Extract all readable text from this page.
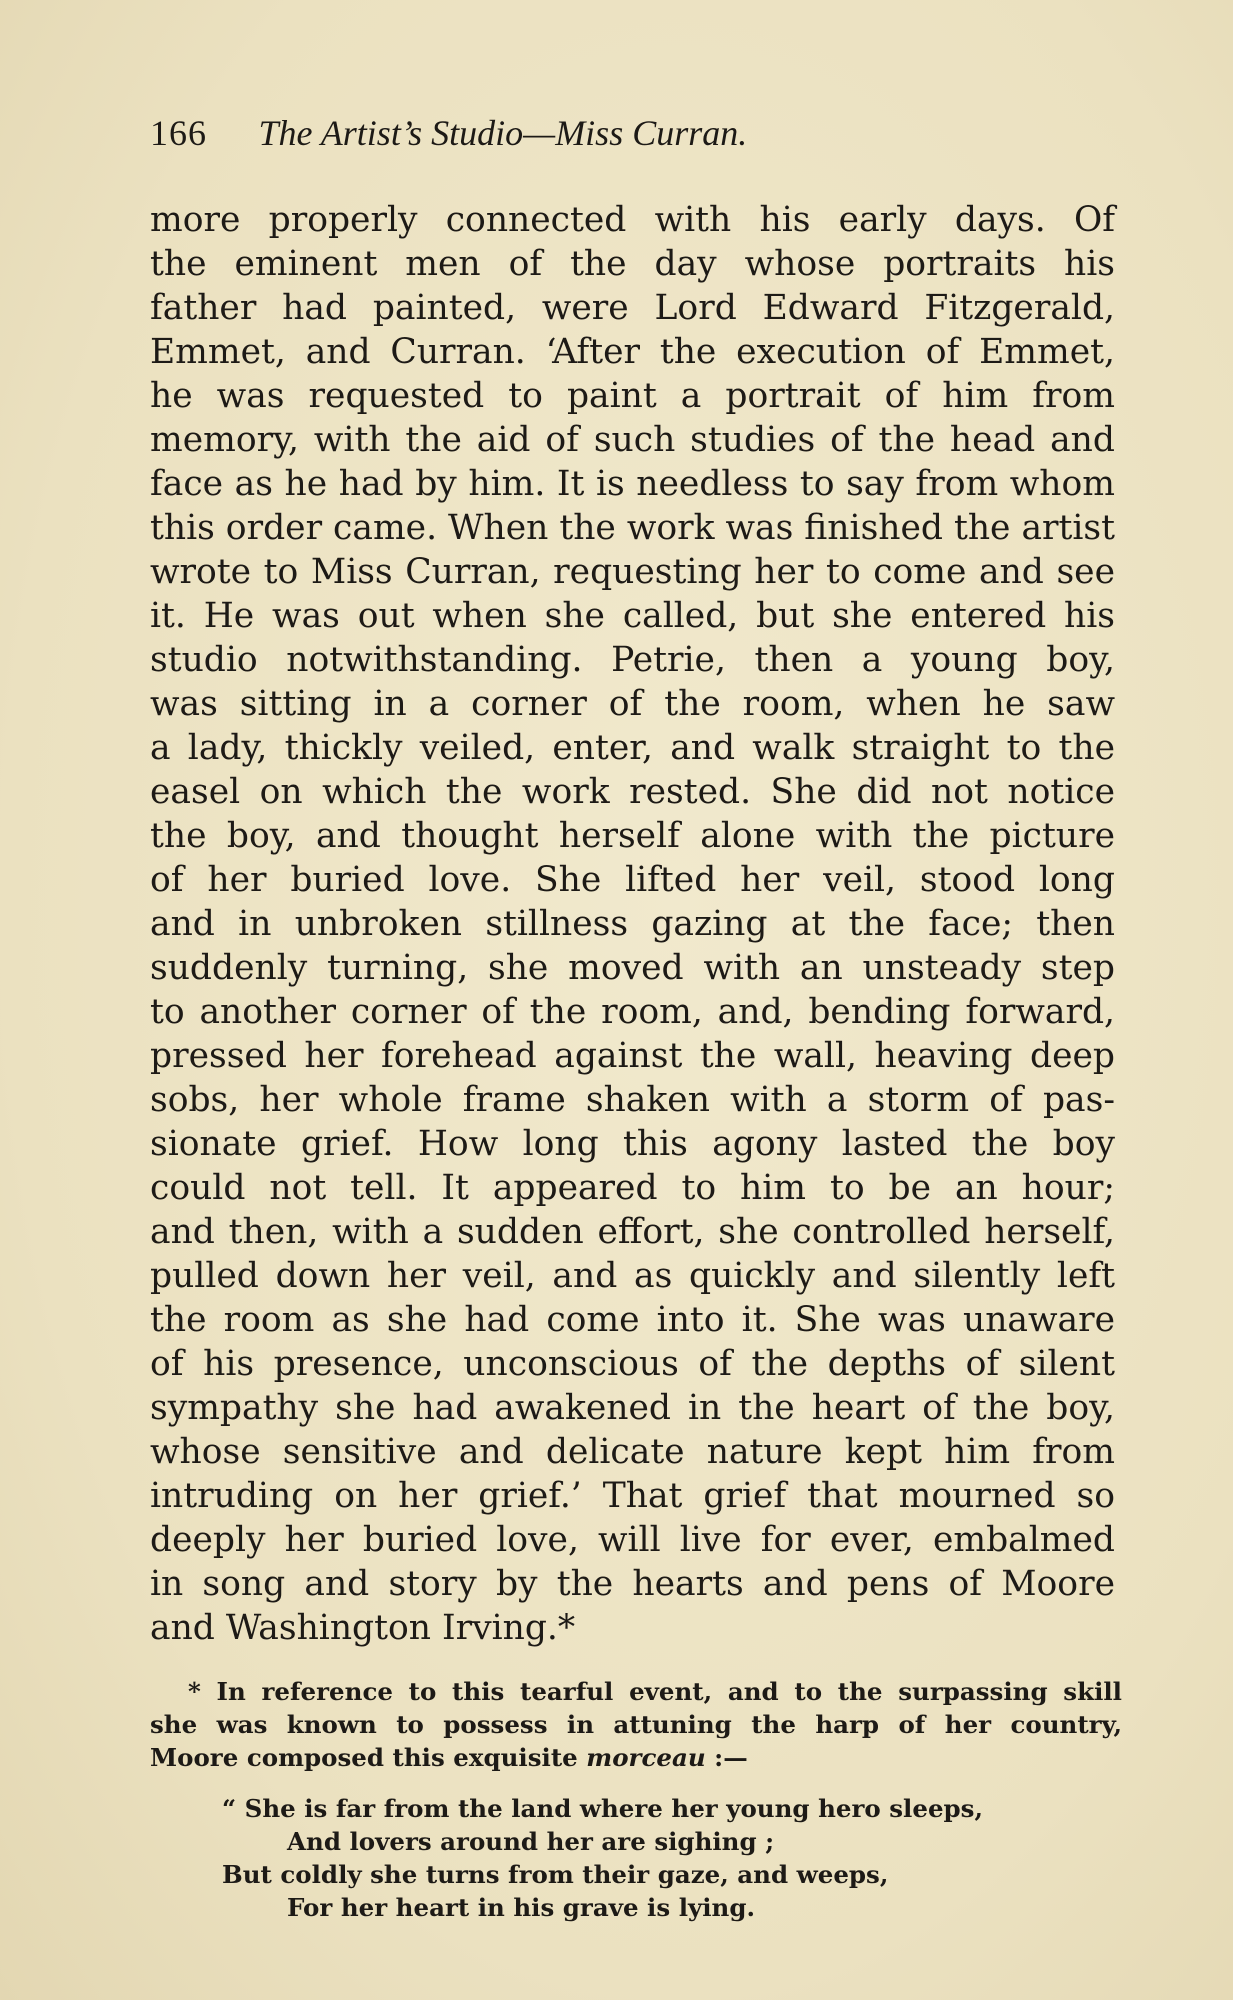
166 The Artist’s Studio—Miss Curran.
more properly connected with his early days. Of
the eminent men of the day whose portraits his
father had painted, were Lord Edward Fitzgerald,
Emmet, and Curran. ‘After the execution of Emmet,
he was requested to paint a portrait of him from
memory, with the aid of such studies of the head and
face as he had by him. It is needless to say from whom
this order came. When the work was finished the artist
wrote to Miss Curran, requesting her to come and see
it. He was out when she called, but she entered his
studio notwithstanding. Petrie, then a young boy,
was sitting in a corner of the room, when he saw
a lady, thickly veiled, enter, and walk straight to the
easel on which the work rested. She did not notice
the boy, and thought herself alone with the picture
of her buried love. She lifted her veil, stood long
and in unbroken stillness gazing at the face; then
suddenly turning, she moved with an unsteady step
to another corner of the room, and, bending forward,
pressed her forehead against the wall, heaving deep
sobs, her whole frame shaken with a storm of pas-
sionate grief. How long this agony lasted the boy
could not tell. It appeared to him to be an hour;
and then, with a sudden effort, she controlled herself,
pulled down her veil, and as quickly and silently left
the room as she had come into it. She was unaware
of his presence, unconscious of the depths of silent
sympathy she had awakened in the heart of the boy,
whose sensitive and delicate nature kept him from
intruding on her grief.’ That grief that mourned so
deeply her buried love, will live for ever, embalmed
in song and story by the hearts and pens of Moore
and Washington Irving.*
* In reference to this tearful event, and to the surpassing skill
she was known to possess in attuning the harp of her country,
Moore composed this exquisite morceau :—
“ She is far from the land where her young hero sleeps,
And lovers around her are sighing ;
But coldly she turns from their gaze, and weeps,
For her heart in his grave is lying.
